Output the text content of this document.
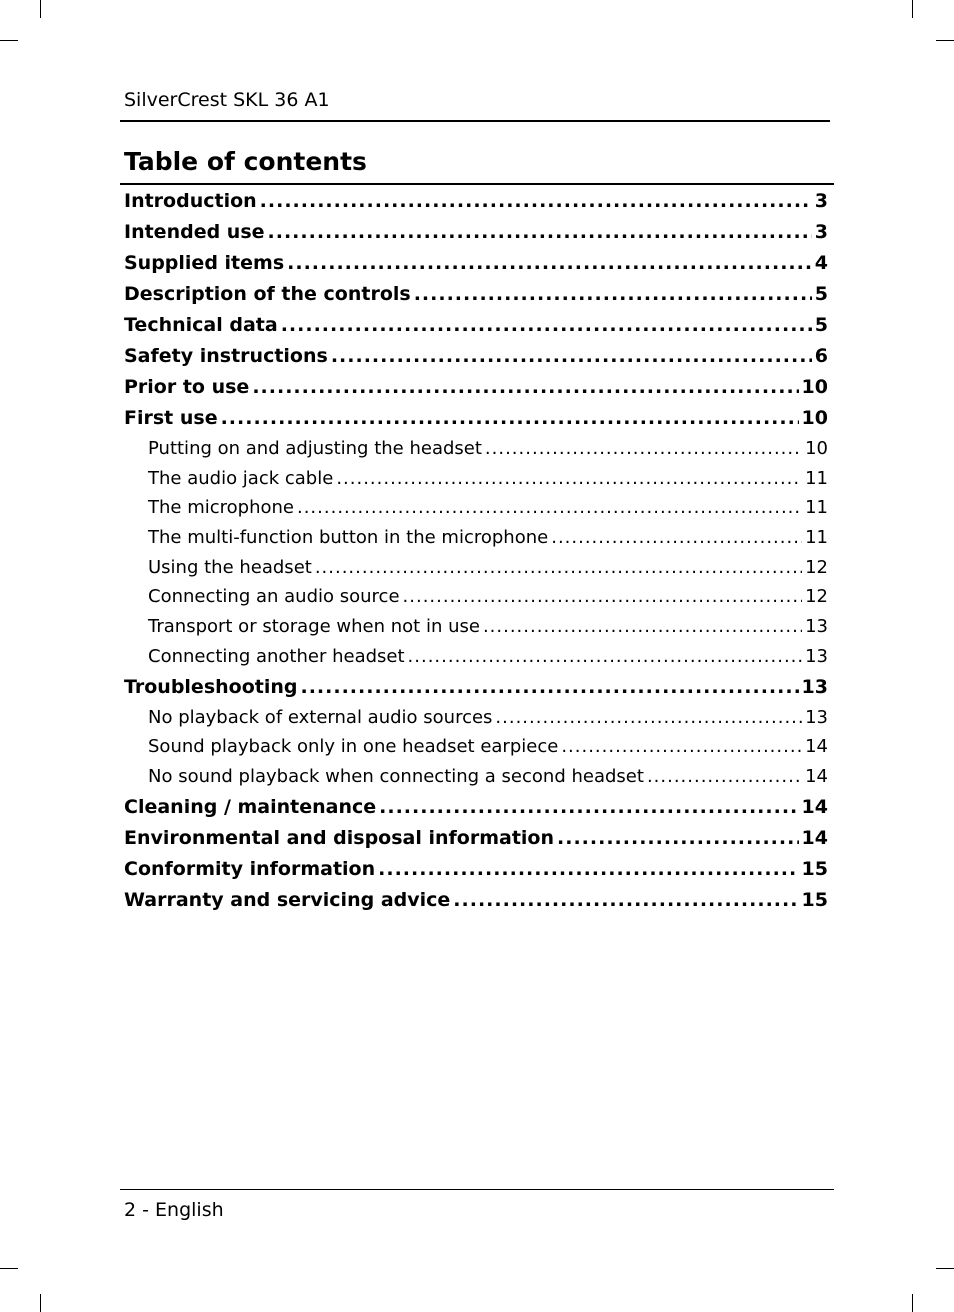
SilverCrest SKL 36 A1
Table of contents
Introduction .....	3
Intended use .....	3
Supplied items .....	4
Description of the controls .....	5
Technical data .....	5
Safety instructions .....	6
Prior to use .....	10
First use .....	10
Putting on and adjusting the headset .....	10
The audio jack cable .....	11
The microphone .....	11
The multi-function button in the microphone .....	11
Using the headset .....	12
Connecting an audio source .....	12
Transport or storage when not in use .....	13
Connecting another headset .....	13
Troubleshooting .....	13
No playback of external audio sources .....	13
Sound playback only in one headset earpiece .....	14
No sound playback when connecting a second headset .....	14
Cleaning / maintenance .....	14
Environmental and disposal information .....	14
Conformity information .....	15
Warranty and servicing advice .....	15
2 - English
